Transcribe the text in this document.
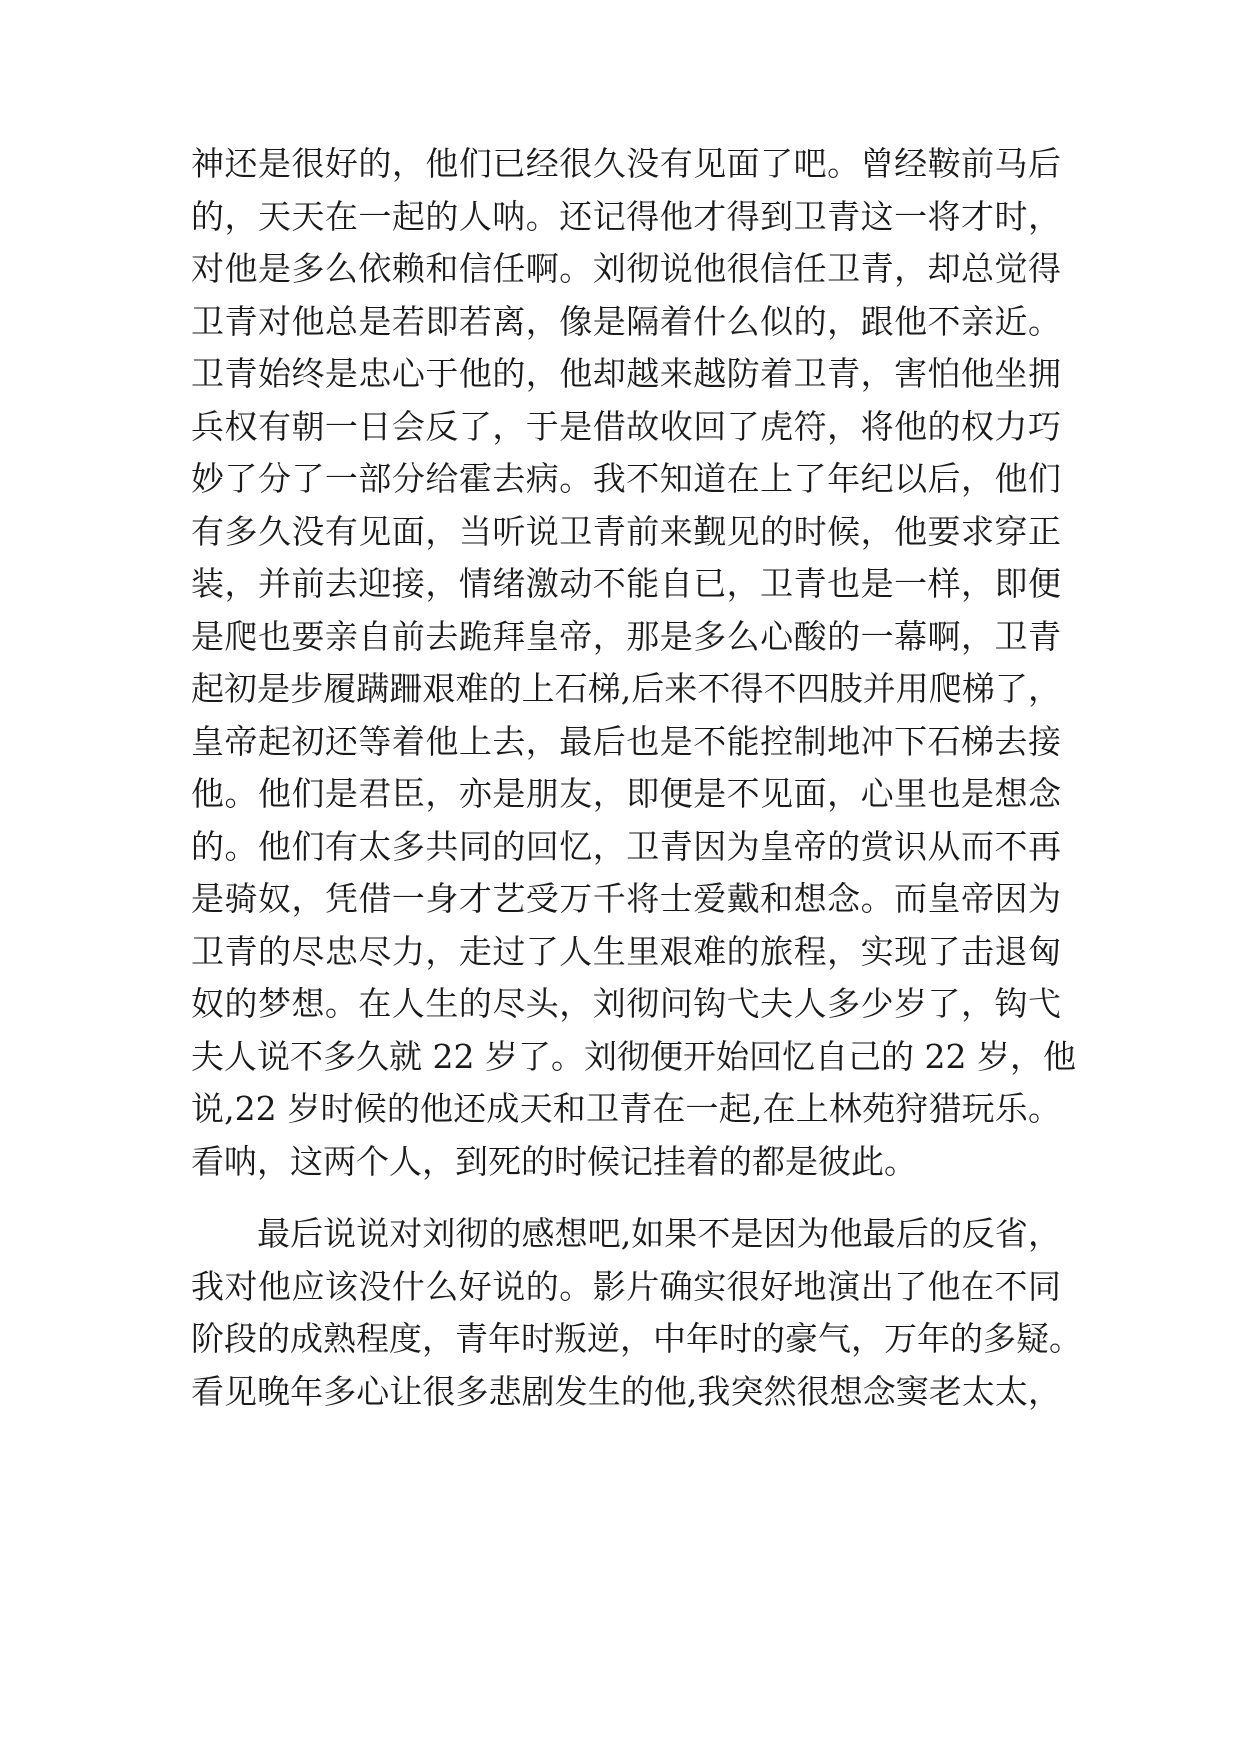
神还是很好的，他们已经很久没有见面了吧。曾经鞍前马后
的，天天在一起的人呐。还记得他才得到卫青这一将才时，
对他是多么依赖和信任啊。刘彻说他很信任卫青，却总觉得
卫青对他总是若即若离，像是隔着什么似的，跟他不亲近。
卫青始终是忠心于他的，他却越来越防着卫青，害怕他坐拥
兵权有朝一日会反了，于是借故收回了虎符，将他的权力巧
妙了分了一部分给霍去病。我不知道在上了年纪以后，他们
有多久没有见面，当听说卫青前来觐见的时候，他要求穿正
装，并前去迎接，情绪激动不能自已，卫青也是一样，即便
是爬也要亲自前去跪拜皇帝，那是多么心酸的一幕啊，卫青
起初是步履蹒跚艰难的上石梯,后来不得不四肢并用爬梯了，
皇帝起初还等着他上去，最后也是不能控制地冲下石梯去接
他。他们是君臣，亦是朋友，即便是不见面，心里也是想念
的。他们有太多共同的回忆，卫青因为皇帝的赏识从而不再
是骑奴，凭借一身才艺受万千将士爱戴和想念。而皇帝因为
卫青的尽忠尽力，走过了人生里艰难的旅程，实现了击退匈
奴的梦想。在人生的尽头，刘彻问钩弋夫人多少岁了，钩弋
夫人说不多久就 22 岁了。刘彻便开始回忆自己的 22 岁，他
说,22 岁时候的他还成天和卫青在一起,在上林苑狩猎玩乐。
看呐，这两个人，到死的时候记挂着的都是彼此。
最后说说对刘彻的感想吧,如果不是因为他最后的反省，
我对他应该没什么好说的。影片确实很好地演出了他在不同
阶段的成熟程度，青年时叛逆，中年时的豪气，万年的多疑。
看见晚年多心让很多悲剧发生的他,我突然很想念窦老太太，
